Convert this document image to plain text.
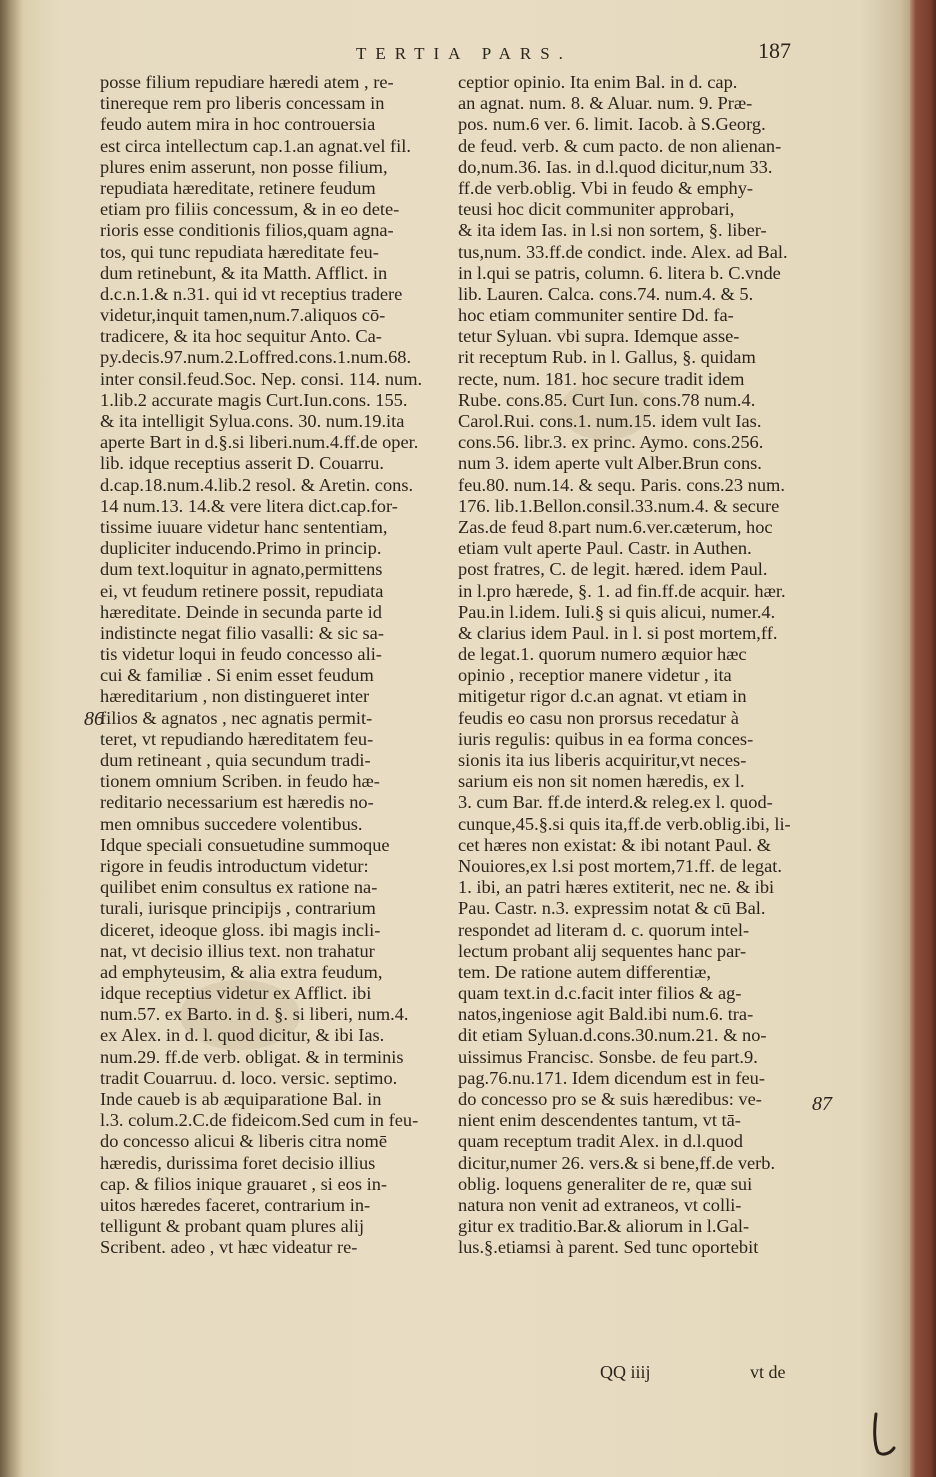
TERTIA PARS.	187
posse filium repudiare hæredi atem , re-
tinereque rem pro liberis concessam in
feudo autem mira in hoc controuersia
est circa intellectum cap.1.an agnat.vel fil.
plures enim asserunt, non posse filium,
repudiata hæreditate, retinere feudum
etiam pro filiis concessum, & in eo dete-
rioris esse conditionis filios,quam agna-
tos, qui tunc repudiata hæreditate feu-
dum retinebunt, & ita Matth. Afflict. in
d.c.n.1.& n.31. qui id vt receptius tradere
videtur,inquit tamen,num.7.aliquos cō-
tradicere, & ita hoc sequitur Anto. Ca-
py.decis.97.num.2.Loffred.cons.1.num.68.
inter consil.feud.Soc. Nep. consi. 114. num.
1.lib.2 accurate magis Curt.Iun.cons. 155.
& ita intelligit Sylua.cons. 30. num.19.ita
aperte Bart in d.§.si liberi.num.4.ff.de oper.
lib. idque receptius asserit D. Couarru.
d.cap.18.num.4.lib.2 resol. & Aretin. cons.
14 num.13. 14.& vere litera dict.cap.for-
tissime iuuare videtur hanc sententiam,
dupliciter inducendo.Primo in princip.
dum text.loquitur in agnato,permittens
ei, vt feudum retinere possit, repudiata
hæreditate. Deinde in secunda parte id
indistincte negat filio vasalli: & sic sa-
tis videtur loqui in feudo concesso ali-
cui & familiæ . Si enim esset feudum
hæreditarium , non distingueret inter
filios & agnatos , nec agnatis permit-
teret, vt repudiando hæreditatem feu-
dum retineant , quia secundum tradi-
tionem omnium Scriben. in feudo hæ-
reditario necessarium est hæredis no-
men omnibus succedere volentibus.
Idque speciali consuetudine summoque
rigore in feudis introductum videtur:
quilibet enim consultus ex ratione na-
turali, iurisque principijs , contrarium
diceret, ideoque gloss. ibi magis incli-
nat, vt decisio illius text. non trahatur
ad emphyteusim, & alia extra feudum,
idque receptius videtur ex Afflict. ibi
num.57. ex Barto. in d. §. si liberi, num.4.
ex Alex. in d. l. quod dicitur, & ibi Ias.
num.29. ff.de verb. obligat. & in terminis
tradit Couarruu. d. loco. versic. septimo.
Inde caueb is ab æquiparatione Bal. in
l.3. colum.2.C.de fideicom.Sed cum in feu-
do concesso alicui & liberis citra nomē
hæredis, durissima foret decisio illius
cap. & filios inique grauaret , si eos in-
uitos hæredes faceret, contrarium in-
telligunt & probant quam plures alij
Scribent. adeo , vt hæc videatur re-
ceptior opinio. Ita enim Bal. in d. cap.
an agnat. num. 8. & Aluar. num. 9. Præ-
pos. num.6 ver. 6. limit. Iacob. à S.Georg.
de feud. verb. & cum pacto. de non alienan-
do,num.36. Ias. in d.l.quod dicitur,num 33.
ff.de verb.oblig. Vbi in feudo & emphy-
teusi hoc dicit communiter approbari,
& ita idem Ias. in l.si non sortem, §. liber-
tus,num. 33.ff.de condict. inde. Alex. ad Bal.
in l.qui se patris, column. 6. litera b. C.vnde
lib. Lauren. Calca. cons.74. num.4. & 5.
hoc etiam communiter sentire Dd. fa-
tetur Syluan. vbi supra. Idemque asse-
rit receptum Rub. in l. Gallus, §. quidam
recte, num. 181. hoc secure tradit idem
Rube. cons.85. Curt Iun. cons.78 num.4.
Carol.Rui. cons.1. num.15. idem vult Ias.
cons.56. libr.3. ex princ. Aymo. cons.256.
num 3. idem aperte vult Alber.Brun cons.
feu.80. num.14. & sequ. Paris. cons.23 num.
176. lib.1.Bellon.consil.33.num.4. & secure
Zas.de feud 8.part num.6.ver.cæterum, hoc
etiam vult aperte Paul. Castr. in Authen.
post fratres, C. de legit. hæred. idem Paul.
in l.pro hærede, §. 1. ad fin.ff.de acquir. hær.
Pau.in l.idem. Iuli.§ si quis alicui, numer.4.
& clarius idem Paul. in l. si post mortem,ff.
de legat.1. quorum numero æquior hæc
opinio , receptior manere videtur , ita
mitigetur rigor d.c.an agnat. vt etiam in
feudis eo casu non prorsus recedatur à
iuris regulis: quibus in ea forma conces-
sionis ita ius liberis acquiritur,vt neces-
sarium eis non sit nomen hæredis, ex l.
3. cum Bar. ff.de interd.& releg.ex l. quod-
cunque,45.§.si quis ita,ff.de verb.oblig.ibi, li-
cet hæres non existat: & ibi notant Paul. &
Nouiores,ex l.si post mortem,71.ff. de legat.
1. ibi, an patri hæres extiterit, nec ne. & ibi
Pau. Castr. n.3. expressim notat & cū Bal.
respondet ad literam d. c. quorum intel-
lectum probant alij sequentes hanc par-
tem. De ratione autem differentiæ,
quam text.in d.c.facit inter filios & ag-
natos,ingeniose agit Bald.ibi num.6. tra-
dit etiam Syluan.d.cons.30.num.21. & no-
uissimus Francisc. Sonsbe. de feu part.9.
pag.76.nu.171. Idem dicendum est in feu-
do concesso pro se & suis hæredibus: ve-
nient enim descendentes tantum, vt tā-
quam receptum tradit Alex. in d.l.quod
dicitur,numer 26. vers.& si bene,ff.de verb.
oblig. loquens generaliter de re, quæ sui
natura non venit ad extraneos, vt colli-
gitur ex traditio.Bar.& aliorum in l.Gal-
lus.§.etiamsi à parent. Sed tunc oportebit
86
87
QQ iiij	vt de
